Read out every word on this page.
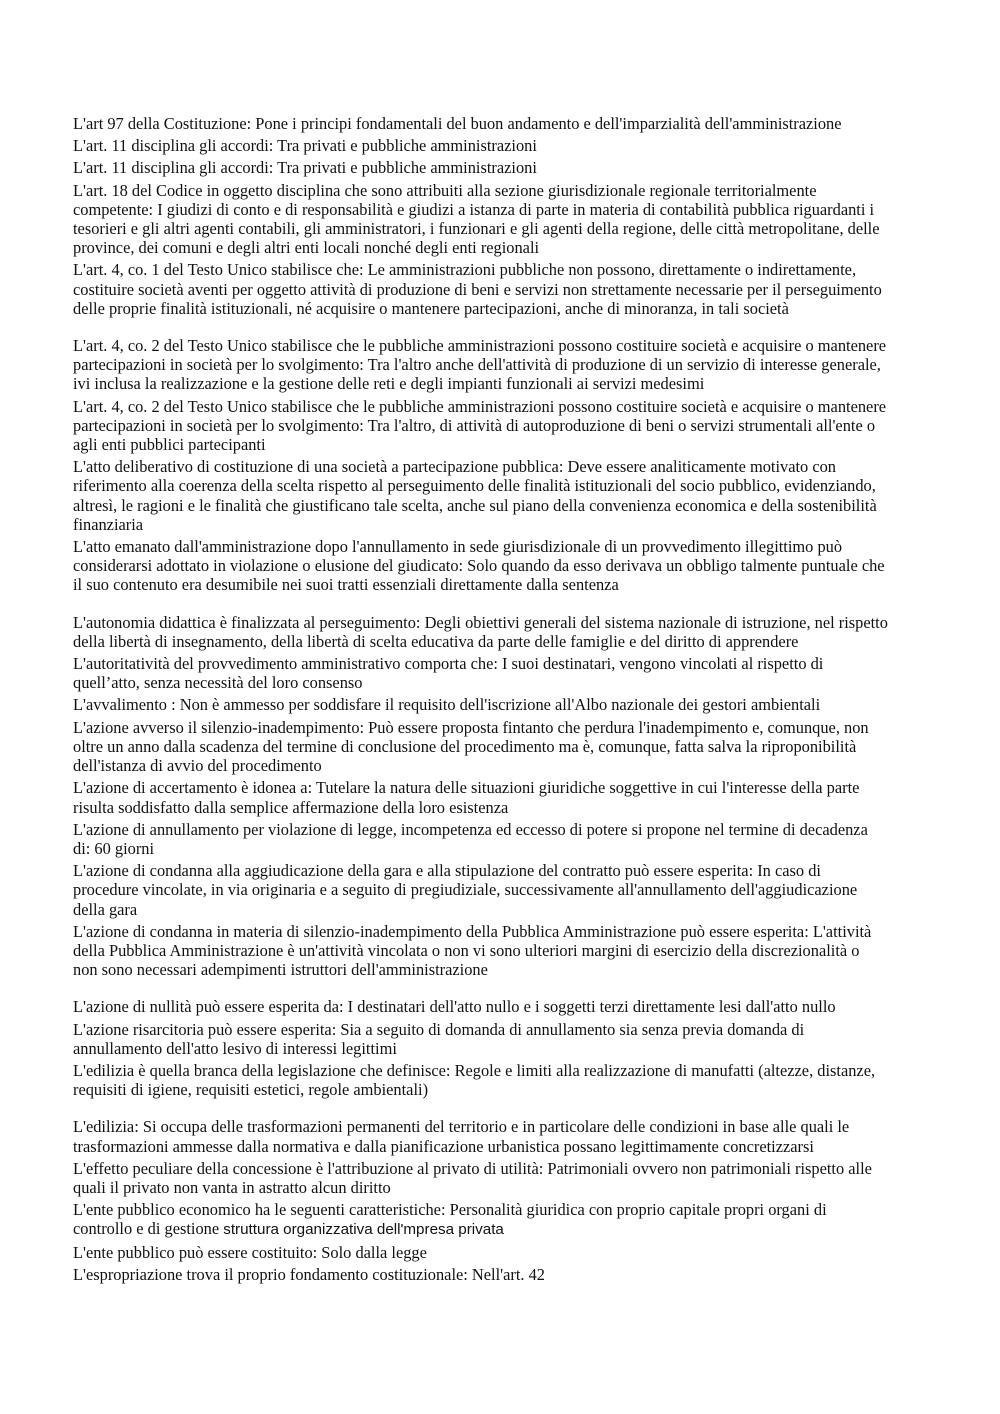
L'art 97 della Costituzione: Pone i principi fondamentali del buon andamento e dell'imparzialità dell'amministrazione
L'art. 11 disciplina gli accordi: Tra privati e pubbliche amministrazioni
L'art. 11 disciplina gli accordi: Tra privati e pubbliche amministrazioni
L'art. 18 del Codice in oggetto disciplina che sono attribuiti alla sezione giurisdizionale regionale territorialmente competente: I giudizi di conto e di responsabilità e giudizi a istanza di parte in materia di contabilità pubblica riguardanti i tesorieri e gli altri agenti contabili, gli amministratori, i funzionari e gli agenti della regione, delle città metropolitane, delle province, dei comuni e degli altri enti locali nonché degli enti regionali
L'art. 4, co. 1 del Testo Unico stabilisce che: Le amministrazioni pubbliche non possono, direttamente o indirettamente, costituire società aventi per oggetto attività di produzione di beni e servizi non strettamente necessarie per il perseguimento delle proprie finalità istituzionali, né acquisire o mantenere partecipazioni, anche di minoranza, in tali società
L'art. 4, co. 2 del Testo Unico stabilisce che le pubbliche amministrazioni possono costituire società e acquisire o mantenere partecipazioni in società per lo svolgimento: Tra l'altro anche dell'attività di produzione di un servizio di interesse generale, ivi inclusa la realizzazione e la gestione delle reti e degli impianti funzionali ai servizi medesimi
L'art. 4, co. 2 del Testo Unico stabilisce che le pubbliche amministrazioni possono costituire società e acquisire o mantenere partecipazioni in società per lo svolgimento: Tra l'altro, di attività di autoproduzione di beni o servizi strumentali all'ente o agli enti pubblici partecipanti
L'atto deliberativo di costituzione di una società a partecipazione pubblica: Deve essere analiticamente motivato con riferimento alla coerenza della scelta rispetto al perseguimento delle finalità istituzionali del socio pubblico, evidenziando, altresì, le ragioni e le finalità che giustificano tale scelta, anche sul piano della convenienza economica e della sostenibilità finanziaria
L'atto emanato dall'amministrazione dopo l'annullamento in sede giurisdizionale di un provvedimento illegittimo può considerarsi adottato in violazione o elusione del giudicato: Solo quando da esso derivava un obbligo talmente puntuale che il suo contenuto era desumibile nei suoi tratti essenziali direttamente dalla sentenza
L'autonomia didattica è finalizzata al perseguimento: Degli obiettivi generali del sistema nazionale di istruzione, nel rispetto della libertà di insegnamento, della libertà di scelta educativa da parte delle famiglie e del diritto di apprendere
L'autoritatività del provvedimento amministrativo comporta che: I suoi destinatari, vengono vincolati al rispetto di quell’atto, senza necessità del loro consenso
L'avvalimento : Non è ammesso per soddisfare il requisito dell'iscrizione all'Albo nazionale dei gestori ambientali
L'azione avverso il silenzio-inadempimento: Può essere proposta fintanto che perdura l'inadempimento e, comunque, non oltre un anno dalla scadenza del termine di conclusione del procedimento ma è, comunque, fatta salva la riproponibilità dell'istanza di avvio del procedimento
L'azione di accertamento è idonea a: Tutelare la natura delle situazioni giuridiche soggettive in cui l'interesse della parte risulta soddisfatto dalla semplice affermazione della loro esistenza
L'azione di annullamento per violazione di legge, incompetenza ed eccesso di potere si propone nel termine di decadenza di: 60 giorni
L'azione di condanna alla aggiudicazione della gara e alla stipulazione del contratto può essere esperita: In caso di procedure vincolate, in via originaria e a seguito di pregiudiziale, successivamente all'annullamento dell'aggiudicazione della gara
L'azione di condanna in materia di silenzio-inadempimento della Pubblica Amministrazione può essere esperita: L'attività della Pubblica Amministrazione è un'attività vincolata o non vi sono ulteriori margini di esercizio della discrezionalità o non sono necessari adempimenti istruttori dell'amministrazione
L'azione di nullità può essere esperita da: I destinatari dell'atto nullo e i soggetti terzi direttamente lesi dall'atto nullo
L'azione risarcitoria può essere esperita: Sia a seguito di domanda di annullamento sia senza previa domanda di annullamento dell'atto lesivo di interessi legittimi
L'edilizia è quella branca della legislazione che definisce: Regole e limiti alla realizzazione di manufatti (altezze, distanze, requisiti di igiene, requisiti estetici, regole ambientali)
L'edilizia: Si occupa delle trasformazioni permanenti del territorio e in particolare delle condizioni in base alle quali le trasformazioni ammesse dalla normativa e dalla pianificazione urbanistica possano legittimamente concretizzarsi
L'effetto peculiare della concessione è l'attribuzione al privato di utilità: Patrimoniali ovvero non patrimoniali rispetto alle quali il privato non vanta in astratto alcun diritto
L'ente pubblico economico ha le seguenti caratteristiche: Personalità giuridica con proprio capitale propri organi di controllo e di gestione struttura organizzativa dell'mpresa privata
L'ente pubblico può essere costituito: Solo dalla legge
L'espropriazione trova il proprio fondamento costituzionale: Nell'art. 42
